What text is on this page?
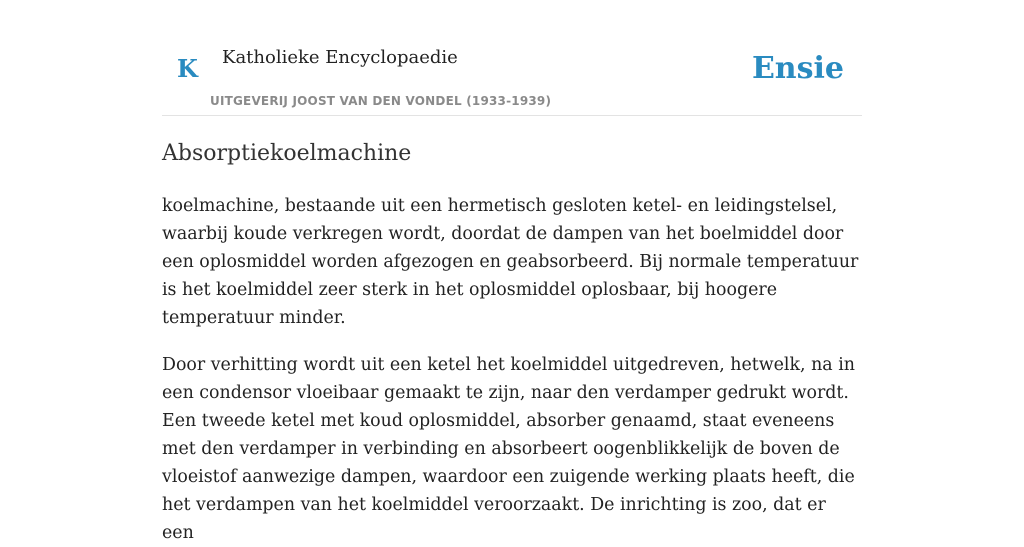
K Katholieke Encyclopaedie
UITGEVERIJ JOOST VAN DEN VONDEL (1933-1939)
Ensie
Absorptiekoelmachine

koelmachine, bestaande uit een hermetisch gesloten ketel- en leidingstelsel, waarbij koude verkregen wordt, doordat de dampen van het boelmiddel door een oplosmiddel worden afgezogen en geabsorbeerd. Bij normale temperatuur is het koelmiddel zeer sterk in het oplosmiddel oplosbaar, bij hoogere temperatuur minder.

Door verhitting wordt uit een ketel het koelmiddel uitgedreven, hetwelk, na in een condensor vloeibaar gemaakt te zijn, naar den verdamper gedrukt wordt. Een tweede ketel met koud oplosmiddel, absorber genaamd, staat eveneens met den verdamper in verbinding en absorbeert oogenblikkelijk de boven de vloeistof aanwezige dampen, waardoor een zuigende werking plaats heeft, die het verdampen van het koelmiddel veroorzaakt. De inrichting is zoo, dat er een
